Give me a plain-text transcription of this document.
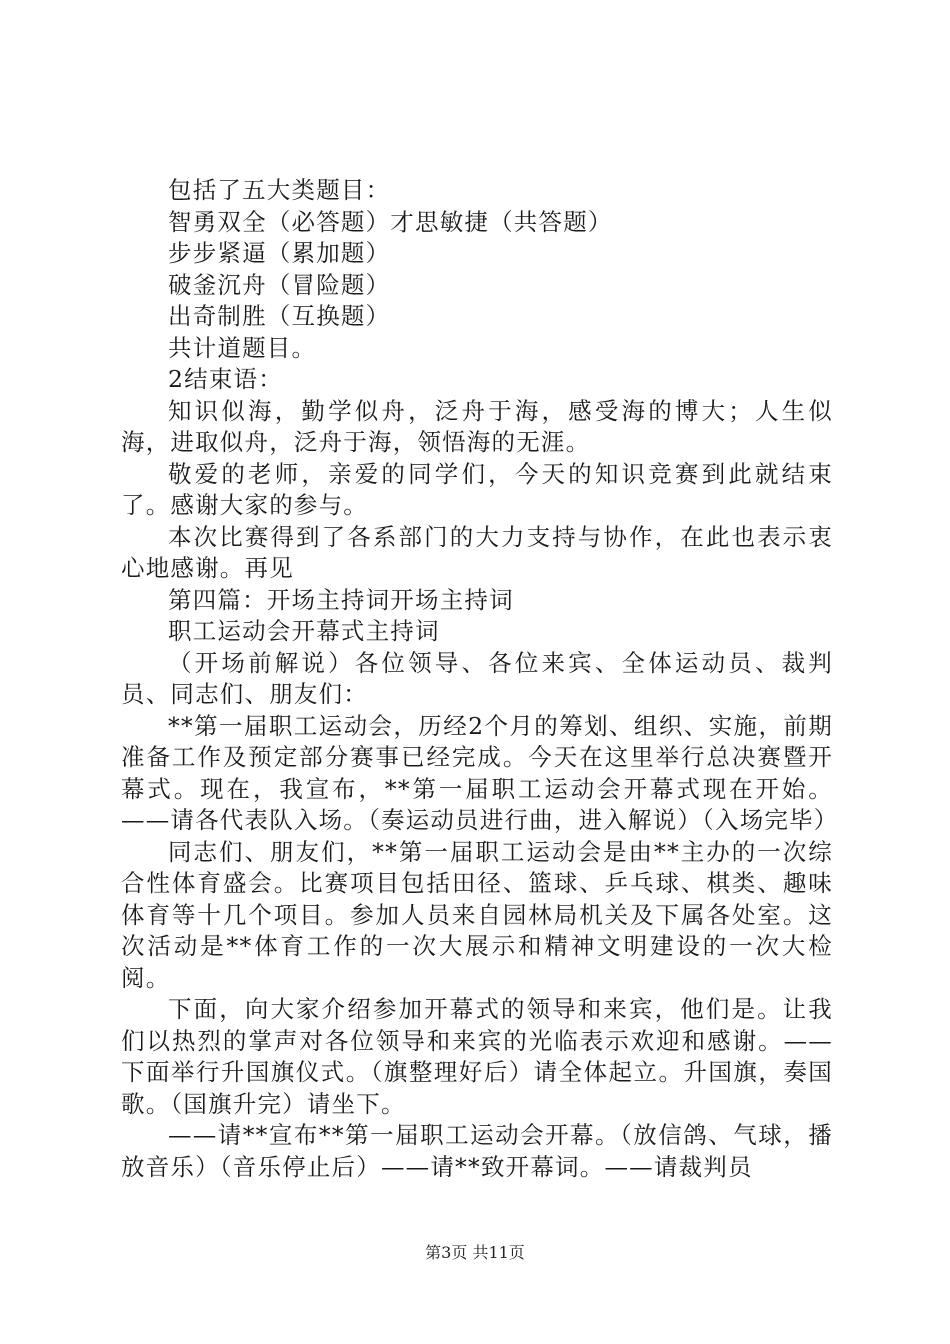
包括了五大类题目：

智勇双全（必答题）才思敏捷（共答题）

步步紧逼（累加题）

破釜沉舟（冒险题）

出奇制胜（互换题）

共计道题目。

2结束语：

知识似海，勤学似舟，泛舟于海，感受海的博大；人生似海，进取似舟，泛舟于海，领悟海的无涯。

敬爱的老师，亲爱的同学们，今天的知识竞赛到此就结束了。感谢大家的参与。

本次比赛得到了各系部门的大力支持与协作，在此也表示衷心地感谢。再见

第四篇：开场主持词开场主持词

职工运动会开幕式主持词

（开场前解说）各位领导、各位来宾、全体运动员、裁判员、同志们、朋友们：

**第一届职工运动会，历经2个月的筹划、组织、实施，前期准备工作及预定部分赛事已经完成。今天在这里举行总决赛暨开幕式。现在，我宣布，**第一届职工运动会开幕式现在开始。——请各代表队入场。（奏运动员进行曲，进入解说）（入场完毕）

同志们、朋友们，**第一届职工运动会是由**主办的一次综合性体育盛会。比赛项目包括田径、篮球、乒乓球、棋类、趣味体育等十几个项目。参加人员来自园林局机关及下属各处室。这次活动是**体育工作的一次大展示和精神文明建设的一次大检阅。

下面，向大家介绍参加开幕式的领导和来宾，他们是。让我们以热烈的掌声对各位领导和来宾的光临表示欢迎和感谢。——下面举行升国旗仪式。（旗整理好后）请全体起立。升国旗，奏国歌。（国旗升完）请坐下。

——请**宣布**第一届职工运动会开幕。（放信鸽、气球，播放音乐）（音乐停止后）——请**致开幕词。——请裁判员

第3页 共11页
